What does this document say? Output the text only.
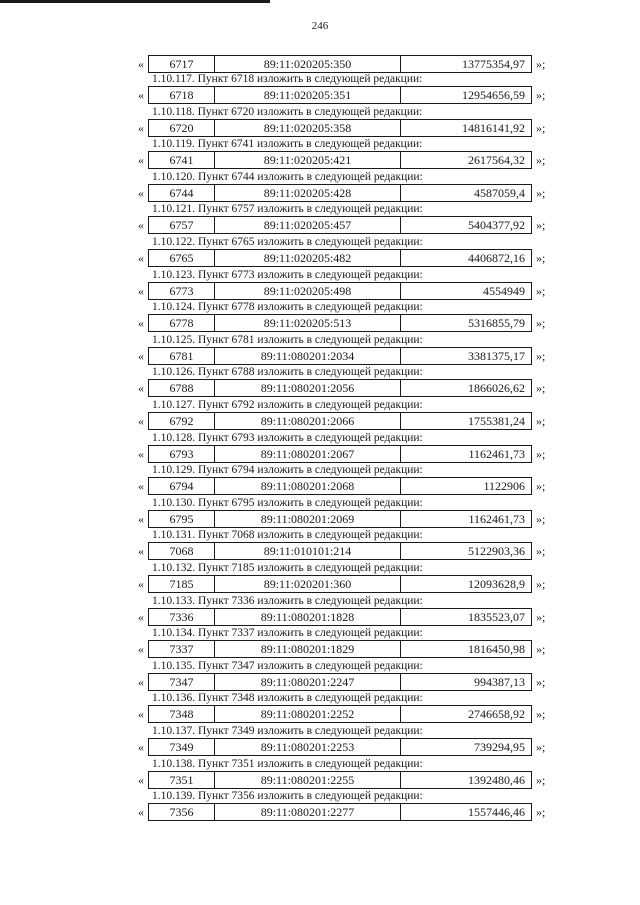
246
«	6717	89:11:020205:350	13775354,97 »;
1.10.117. Пункт 6718 изложить в следующей редакции:
«	6718	89:11:020205:351	12954656,59 »;
1.10.118. Пункт 6720 изложить в следующей редакции:
«	6720	89:11:020205:358	14816141,92 »;
1.10.119. Пункт 6741 изложить в следующей редакции:
«	6741	89:11:020205:421	2617564,32 »;
1.10.120. Пункт 6744 изложить в следующей редакции:
«	6744	89:11:020205:428	4587059,4 »;
1.10.121. Пункт 6757 изложить в следующей редакции:
«	6757	89:11:020205:457	5404377,92 »;
1.10.122. Пункт 6765 изложить в следующей редакции:
«	6765	89:11:020205:482	4406872,16 »;
1.10.123. Пункт 6773 изложить в следующей редакции:
«	6773	89:11:020205:498	4554949 »;
1.10.124. Пункт 6778 изложить в следующей редакции:
«	6778	89:11:020205:513	5316855,79 »;
1.10.125. Пункт 6781 изложить в следующей редакции:
«	6781	89:11:080201:2034	3381375,17 »;
1.10.126. Пункт 6788 изложить в следующей редакции:
«	6788	89:11:080201:2056	1866026,62 »;
1.10.127. Пункт 6792 изложить в следующей редакции:
«	6792	89:11:080201:2066	1755381,24 »;
1.10.128. Пункт 6793 изложить в следующей редакции:
«	6793	89:11:080201:2067	1162461,73 »;
1.10.129. Пункт 6794 изложить в следующей редакции:
«	6794	89:11:080201:2068	1122906 »;
1.10.130. Пункт 6795 изложить в следующей редакции:
«	6795	89:11:080201:2069	1162461,73 »;
1.10.131. Пункт 7068 изложить в следующей редакции:
«	7068	89:11:010101:214	5122903,36 »;
1.10.132. Пункт 7185 изложить в следующей редакции:
«	7185	89:11:020201:360	12093628,9 »;
1.10.133. Пункт 7336 изложить в следующей редакции:
«	7336	89:11:080201:1828	1835523,07 »;
1.10.134. Пункт 7337 изложить в следующей редакции:
«	7337	89:11:080201:1829	1816450,98 »;
1.10.135. Пункт 7347 изложить в следующей редакции:
«	7347	89:11:080201:2247	994387,13 »;
1.10.136. Пункт 7348 изложить в следующей редакции:
«	7348	89:11:080201:2252	2746658,92 »;
1.10.137. Пункт 7349 изложить в следующей редакции:
«	7349	89:11:080201:2253	739294,95 »;
1.10.138. Пункт 7351 изложить в следующей редакции:
«	7351	89:11:080201:2255	1392480,46 »;
1.10.139. Пункт 7356 изложить в следующей редакции:
«	7356	89:11:080201:2277	1557446,46 »;
